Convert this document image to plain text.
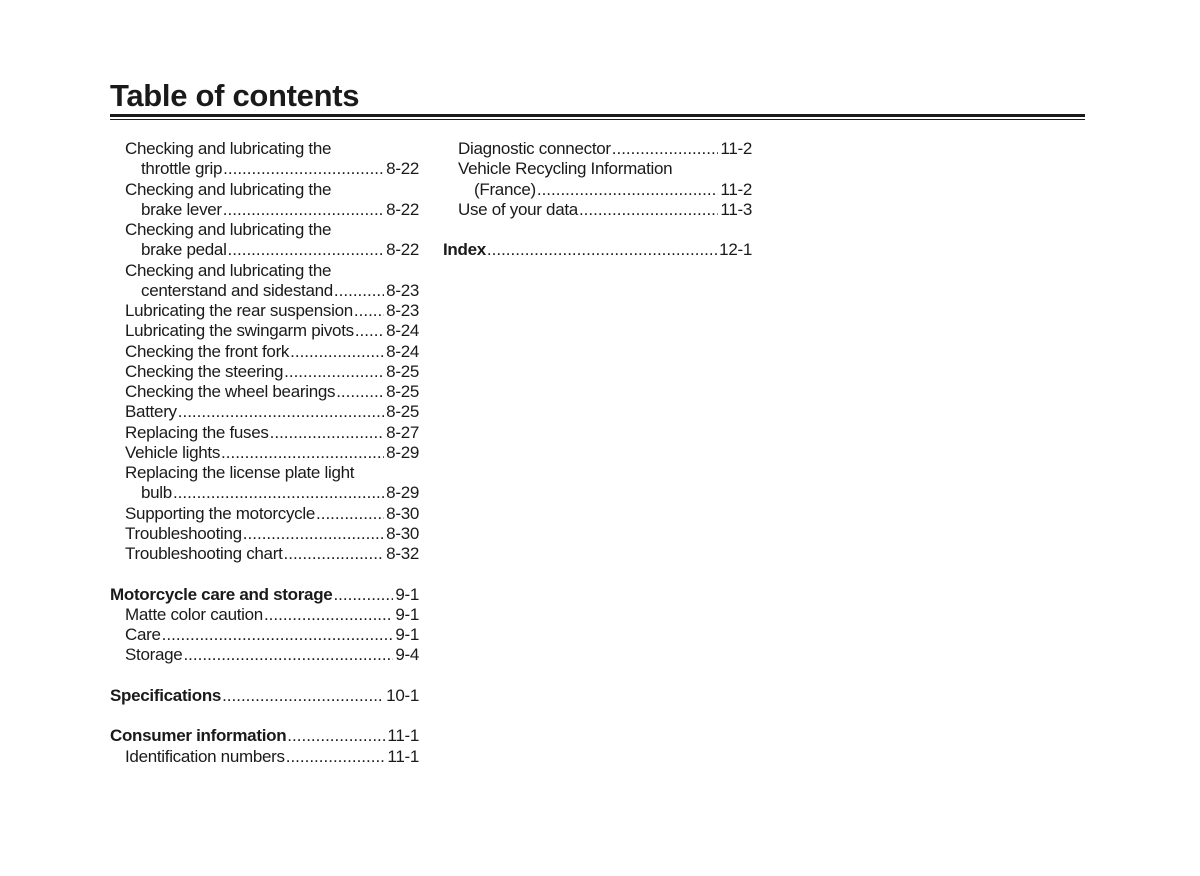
Table of contents
Checking and lubricating the
throttle grip .....	8-22
Checking and lubricating the
brake lever .....	8-22
Checking and lubricating the
brake pedal .....	8-22
Checking and lubricating the
centerstand and sidestand .....	8-23
Lubricating the rear suspension ..... 8-23
Lubricating the swingarm pivots ..... 8-24
Checking the front fork .....	8-24
Checking the steering .....	8-25
Checking the wheel bearings .....	8-25
Battery .....	8-25
Replacing the fuses .....	8-27
Vehicle lights .....	8-29
Replacing the license plate light
bulb .....	8-29
Supporting the motorcycle .....	8-30
Troubleshooting .....	8-30
Troubleshooting chart .....	8-32
Motorcycle care and storage .....	9-1
Matte color caution .....	9-1
Care .....	9-1
Storage .....	9-4
Specifications .....	10-1
Consumer information .....	11-1
Identification numbers .....	11-1
Diagnostic connector .....	11-2
Vehicle Recycling Information
(France) .....	11-2
Use of your data .....	11-3
Index .....	12-1
